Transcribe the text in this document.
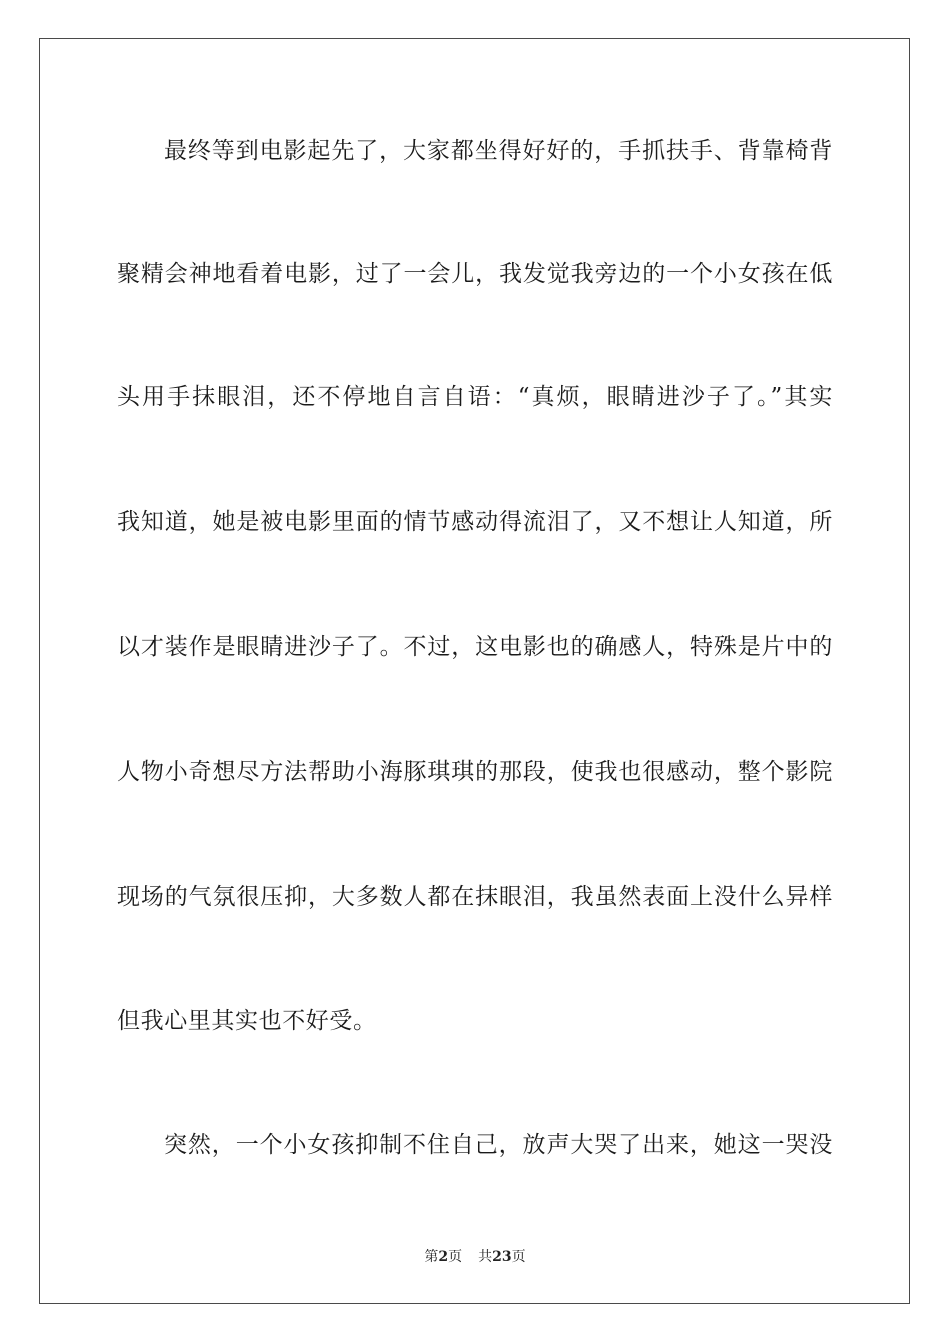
最终等到电影起先了，大家都坐得好好的，手抓扶手、背靠椅背
聚精会神地看着电影，过了一会儿，我发觉我旁边的一个小女孩在低
头用手抹眼泪，还不停地自言自语：“真烦，眼睛进沙子了。”其实
我知道，她是被电影里面的情节感动得流泪了，又不想让人知道，所
以才装作是眼睛进沙子了。不过，这电影也的确感人，特殊是片中的
人物小奇想尽方法帮助小海豚琪琪的那段，使我也很感动，整个影院
现场的气氛很压抑，大多数人都在抹眼泪，我虽然表面上没什么异样
但我心里其实也不好受。
突然，一个小女孩抑制不住自己，放声大哭了出来，她这一哭没
第2页 共23页
